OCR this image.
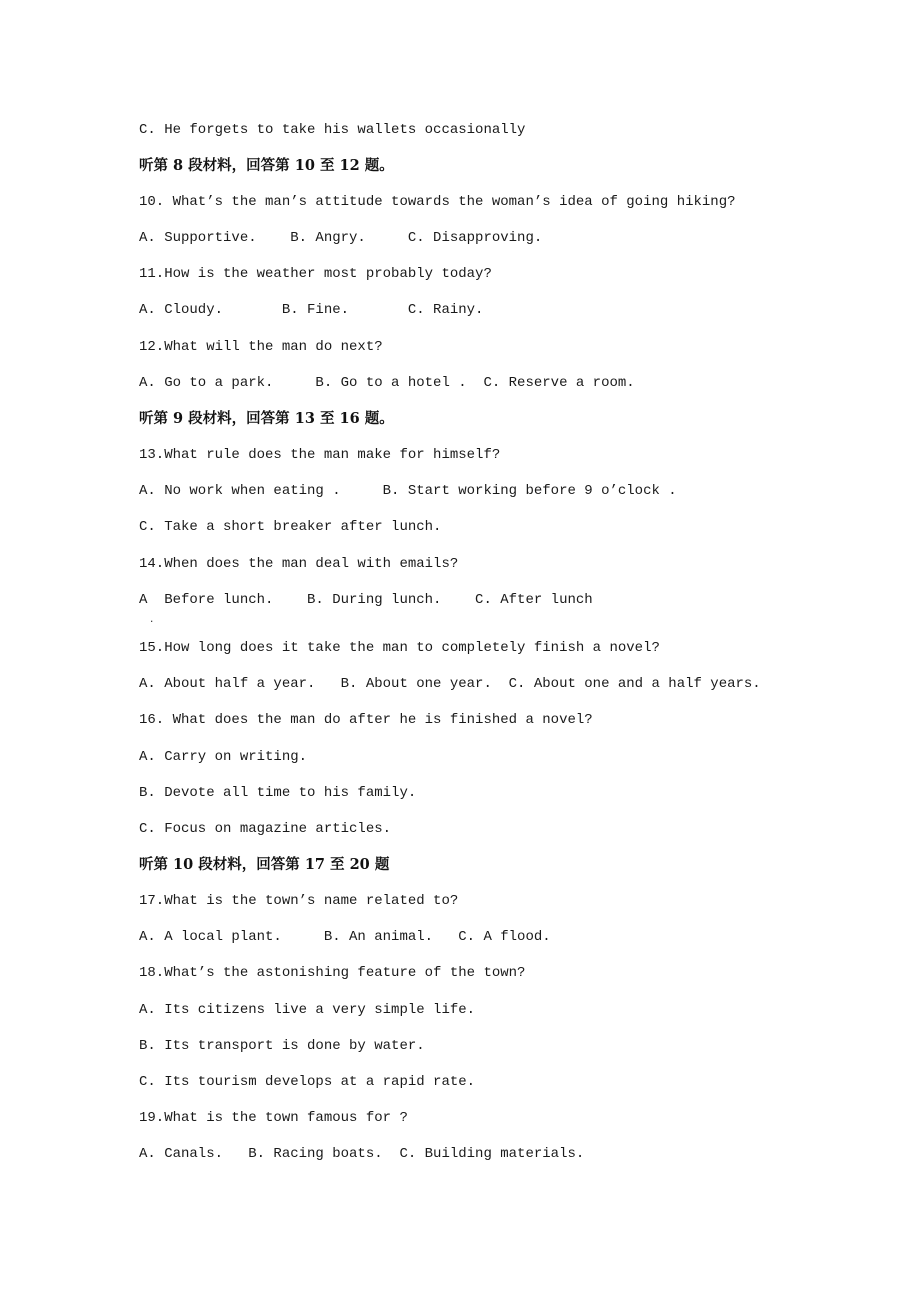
C. He forgets to take his wallets occasionally
听第 8 段材料，回答第 10 至 12 题。
10. What’s the man’s attitude towards the woman’s idea of going hiking?
A. Supportive.    B. Angry.     C. Disapproving.
11.How is the weather most probably today?
A. Cloudy.       B. Fine.       C. Rainy.
12.What will the man do next?
A. Go to a park.     B. Go to a hotel .  C. Reserve a room.
听第 9 段材料，回答第 13 至 16 题。
13.What rule does the man make for himself?
A. No work when eating .     B. Start working before 9 o’clock .
C. Take a short breaker after lunch.
14.When does the man deal with emails?
A  Before lunch.    B. During lunch.    C. After lunch
·
15.How long does it take the man to completely finish a novel?
A. About half a year.   B. About one year.  C. About one and a half years.
16. What does the man do after he is finished a novel?
A. Carry on writing.
B. Devote all time to his family.
C. Focus on magazine articles.
听第 10 段材料，回答第 17 至 20 题
17.What is the town’s name related to?
A. A local plant.     B. An animal.   C. A flood.
18.What’s the astonishing feature of the town?
A. Its citizens live a very simple life.
B. Its transport is done by water.
C. Its tourism develops at a rapid rate.
19.What is the town famous for ?
A. Canals.   B. Racing boats.  C. Building materials.
